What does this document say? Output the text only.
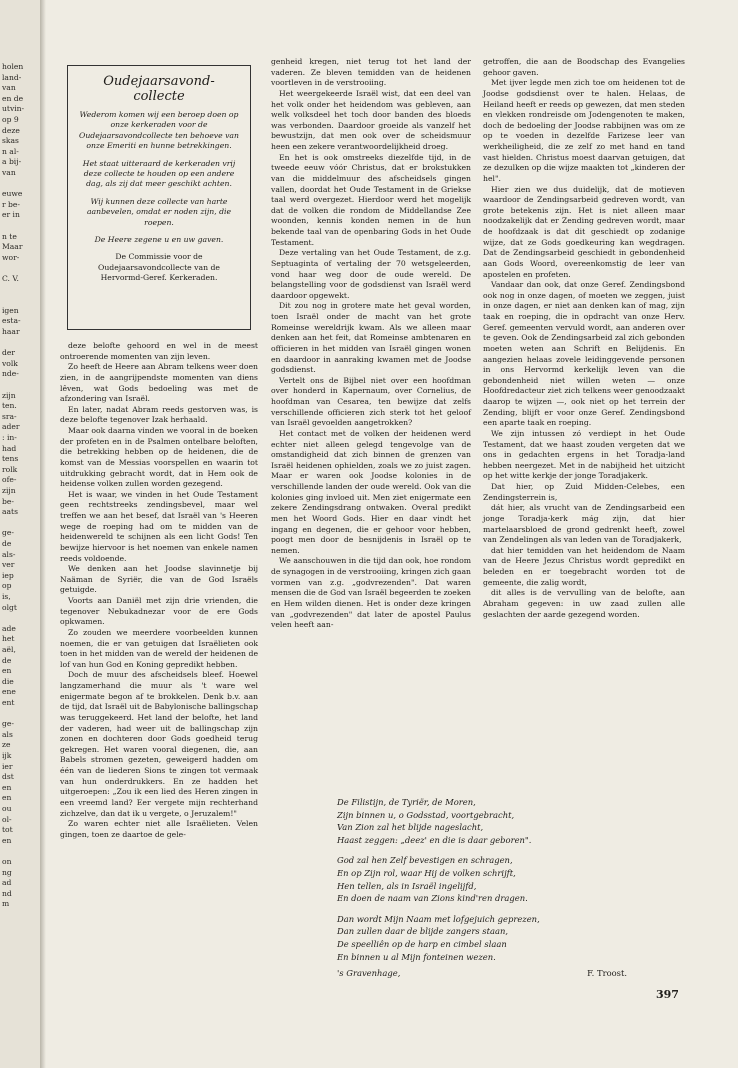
holen
land-
van
en de
utvin-
op 9
deze
skas
n al-
a bij-
van
euwe
r be-
er in
n te
Maar
wor-
C. V.
igen
esta-
haar
der
volk
nde-
zijn
ten.
sra-
ader
: in-
had
tens
rolk
ofe-
zijn
be-
aats
ge-
de
als-
ver
iep
op
is,
olgt
ade
het
aël,
de
en
die
ene
ent
ge-
als
ze
ijk
ier
dst
en
en
ou
ol-
tot
en
on
ng
ad
nd
m
Oudejaarsavond-
collecte

Wederom komen wij een beroep doen op onze kerkeraden voor de Oudejaarsavondcollecte ten behoeve van onze Emeriti en hunne betrekkingen.

Het staat uitteraard de kerkeraden vrij deze collecte te houden op een andere dag, als zij dat meer geschikt achten.

Wij kunnen deze collecte van harte aanbevelen, omdat er noden zijn, die roepen.

De Heere zegene u en uw gaven.

De Commissie voor de Oudejaarsavondcollecte van de Hervormd-Geref. Kerkeraden.

deze belofte gehoord en wel in de meest ontroerende momenten van zijn leven.

Zo heeft de Heere aan Abram telkens weer doen zien, in de aangrijpendste momenten van diens lêven, wat Gods bedoeling was met de afzondering van Israël.

En later, nadat Abram reeds gestorven was, is deze belofte tegenover Izak herhaald.

Maar ook daarna vinden we vooral in de boeken der profeten en in de Psalmen ontelbare beloften, die betrekking hebben op de heidenen, die de komst van de Messias voorspellen en waarin tot uitdrukking gebracht wordt, dat in Hem ook de heidense volken zullen worden gezegend.

Het is waar, we vinden in het Oude Testament geen rechtstreeks zendingsbevel, maar wel treffen we aan het besef, dat Israël van 's Heeren wege de roeping had om te midden van de heidenwereld te schijnen als een licht Gods! Ten bewijze hiervoor is het noemen van enkele namen reeds voldoende.

We denken aan het Joodse slavinnetje bij Naäman de Syriër, die van de God Israëls getuigde.

Voorts aan Daniël met zijn drie vrienden, die tegenover Nebukadnezar voor de ere Gods opkwamen.

Zo zouden we meerdere voorbeelden kunnen noemen, die er van getuigen dat Israëlieten ook toen in het midden van de wereld der heidenen de lof van hun God en Koning gepredikt hebben.

Doch de muur des afscheidsels bleef. Hoewel langzamerhand die muur als 't ware wel enigermate begon af te brokkelen. Denk b.v. aan de tijd, dat Israël uit de Babylonische ballingschap was teruggekeerd. Het land der belofte, het land der vaderen, had weer uit de ballingschap zijn zonen en dochteren door Gods goedheid terug gekregen. Het waren vooral diegenen, die, aan Babels stromen gezeten, geweigerd hadden om één van de liederen Sions te zingen tot vermaak van hun onderdrukkers. En ze hadden het uitgeroepen: „Zou ik een lied des Heren zingen in een vreemd land? Eer vergete mijn rechterhand zichzelve, dan dat ik u vergete, o Jeruzalem!"

Zo waren echter niet alle Israëlieten. Velen gingen, toen ze daartoe de gele-

genheid kregen, niet terug tot het land der vaderen. Ze bleven temidden van de heidenen voortleven in de verstrooiing.

Het weergekeerde Israël wist, dat een deel van het volk onder het heidendom was gebleven, aan welk volksdeel het toch door banden des bloeds was verbonden. Daardoor groeide als vanzelf het bewustzijn, dat men ook over de scheidsmuur heen een zekere verantwoordelijkheid droeg.

En het is ook omstreeks diezelfde tijd, in de tweede eeuw vóór Christus, dat er brokstukken van die middelmuur des afscheidsels gingen vallen, doordat het Oude Testament in de Griekse taal werd overgezet. Hierdoor werd het mogelijk dat de volken die rondom de Middellandse Zee woonden, kennis konden nemen in de hun bekende taal van de openbaring Gods in het Oude Testament.

Deze vertaling van het Oude Testament, de z.g. Septuaginta of vertaling der 70 wetsgeleerden, vond haar weg door de oude wereld. De belangstelling voor de godsdienst van Israël werd daardoor opgewekt.

Dit zou nog in grotere mate het geval worden, toen Israël onder de macht van het grote Romeinse wereldrijk kwam. Als we alleen maar denken aan het feit, dat Romeinse ambtenaren en officieren in het midden van Israël gingen wonen en daardoor in aanraking kwamen met de Joodse godsdienst.

Vertelt ons de Bijbel niet over een hoofdman over honderd in Kapernaum, over Cornelius, de hoofdman van Cesarea, ten bewijze dat zelfs verschillende officieren zich sterk tot het geloof van Israël gevoelden aangetrokken?

Het contact met de volken der heidenen werd echter niet alleen gelegd tengevolge van de omstandigheid dat zich binnen de grenzen van Israël heidenen ophielden, zoals we zo juist zagen. Maar er waren ook Joodse kolonies in de verschillende landen der oude wereld. Ook van die kolonies ging invloed uit. Men ziet enigermate een zekere Zendingsdrang ontwaken. Overal predikt men het Woord Gods. Hier en daar vindt het ingang en degenen, die er gehoor voor hebben, poogt men door de besnijdenis in Israël op te nemen.

We aanschouwen in die tijd dan ook, hoe rondom de synagogen in de verstrooiing, kringen zich gaan vormen van z.g. „godvrezenden". Dat waren mensen die de God van Israël begeerden te zoeken en Hem wilden dienen. Het is onder deze kringen van „godvrezenden" dat later de apostel Paulus velen heeft aan-

getroffen, die aan de Boodschap des Evangelies gehoor gaven.

Met ijver legde men zich toe om heidenen tot de Joodse godsdienst over te halen. Helaas, de Heiland heeft er reeds op gewezen, dat men steden en vlekken rondreisde om Jodengenoten te maken, doch de bedoeling der Joodse rabbijnen was om ze op te voeden in dezelfde Farizese leer van werkheiligheid, die ze zelf zo met hand en tand vast hielden. Christus moest daarvan getuigen, dat ze dezulken op die wijze maakten tot „kinderen der hel".

Hier zien we dus duidelijk, dat de motieven waardoor de Zendingsarbeid gedreven wordt, van grote betekenis zijn. Het is niet alleen maar noodzakelijk dat er Zending gedreven wordt, maar de hoofdzaak is dat dit geschiedt op zodanige wijze, dat ze Gods goedkeuring kan wegdragen. Dat de Zendingsarbeid geschiedt in gebondenheid aan Gods Woord, overeenkomstig de leer van apostelen en profeten.

Vandaar dan ook, dat onze Geref. Zendingsbond ook nog in onze dagen, of moeten we zeggen, juist in onze dagen, er niet aan denken kan of mag, zijn taak en roeping, die in opdracht van onze Herv. Geref. gemeenten vervuld wordt, aan anderen over te geven. Ook de Zendingsarbeid zal zich gebonden moeten weten aan Schrift en Belijdenis. En aangezien helaas zovele leidinggevende personen in ons Hervormd kerkelijk leven van die gebondenheid niet willen weten — onze Hoofdredacteur ziet zich telkens weer genoodzaakt daarop te wijzen —, ook niet op het terrein der Zending, blijft er voor onze Geref. Zendingsbond een aparte taak en roeping.

We zijn intussen zó verdiept in het Oude Testament, dat we haast zouden vergeten dat we ons in gedachten ergens in het Toradja-land hebben neergezet. Met in de nabijheid het uitzicht op het witte kerkje der jonge Toradjakerk.

Dat hier, op Zuid Midden-Celebes, een Zendingsterrein is,

dát hier, als vrucht van de Zendingsarbeid een jonge Toradja-kerk mág zijn, dat hier martelaarsbloed de grond gedrenkt heeft, zowel van Zendelingen als van leden van de Toradjakerk,

dat hier temidden van het heidendom de Naam van de Heere Jezus Christus wordt gepredikt en beleden en er toegebracht worden tot de gemeente, die zalig wordt,

dit alles is de vervulling van de belofte, aan Abraham gegeven: in uw zaad zullen alle geslachten der aarde gezegend worden.

De Filistijn, de Tyriër, de Moren,
Zijn binnen u, o Godsstad, voortgebracht,
Van Zion zal het blijde nageslacht,
Haast zeggen: „deez' en die is daar geboren".
God zal hen Zelf bevestigen en schragen,
En op Zijn rol, waar Hij de volken schrijft,
Hen tellen, als in Israël ingelijfd,
En doen de naam van Zions kind'ren dragen.
Dan wordt Mijn Naam met lofgejuich geprezen,
Dan zullen daar de blijde zangers staan,
De speelliên op de harp en cimbel slaan
En binnen u al Mijn fonteinen wezen.
's Gravenhage,	F. Troost.
397
